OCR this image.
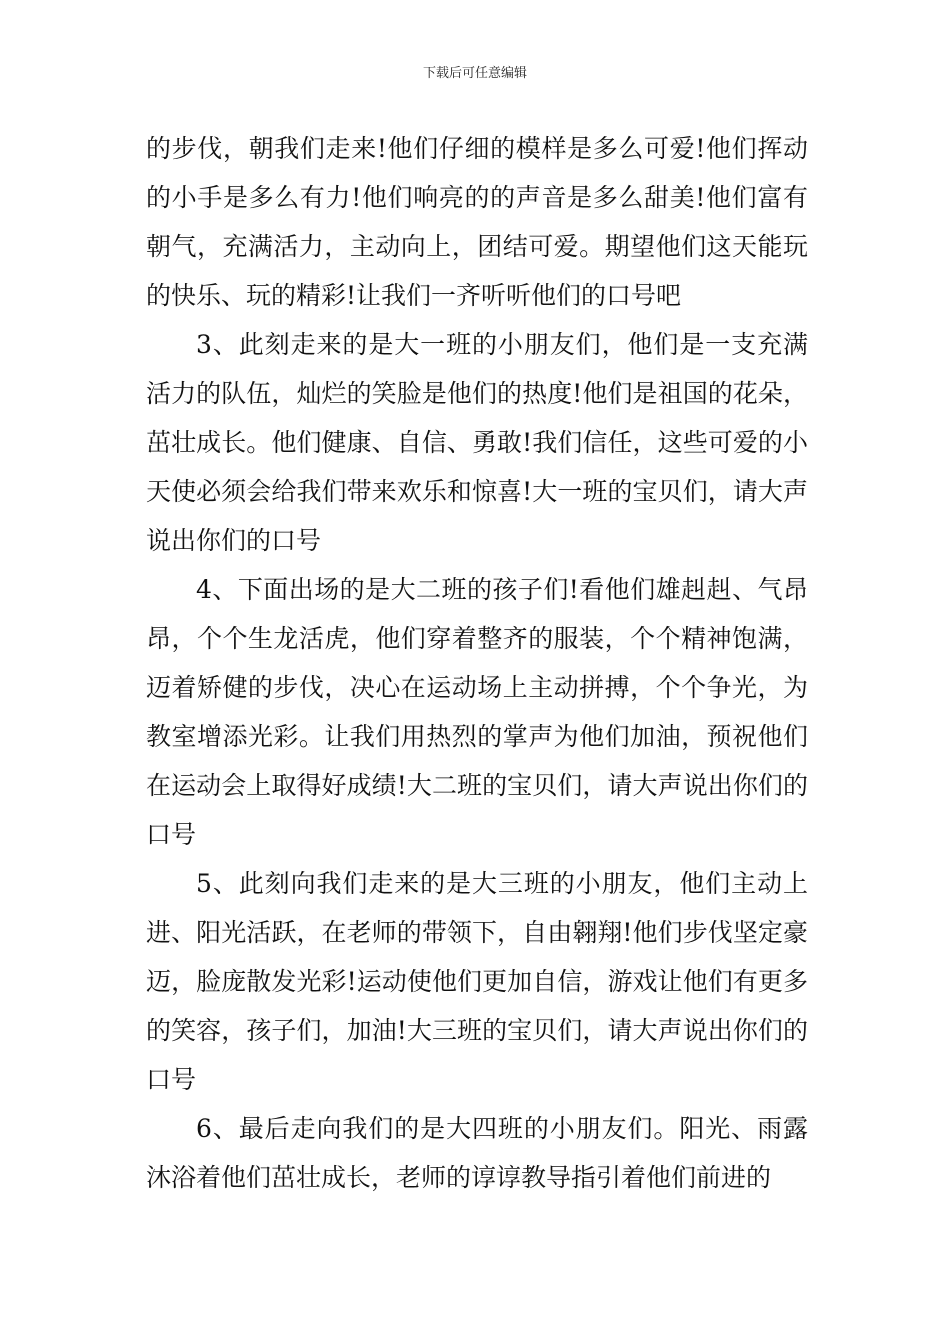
下载后可任意编辑

的步伐，朝我们走来!他们仔细的模样是多么可爱!他们挥动的小手是多么有力!他们响亮的的声音是多么甜美!他们富有朝气，充满活力，主动向上，团结可爱。期望他们这天能玩的快乐、玩的精彩!让我们一齐听听他们的口号吧

3、此刻走来的是大一班的小朋友们，他们是一支充满活力的队伍，灿烂的笑脸是他们的热度!他们是祖国的花朵，茁壮成长。他们健康、自信、勇敢!我们信任，这些可爱的小天使必须会给我们带来欢乐和惊喜!大一班的宝贝们，请大声说出你们的口号

4、下面出场的是大二班的孩子们!看他们雄赳赳、气昂昂，个个生龙活虎，他们穿着整齐的服装，个个精神饱满，迈着矫健的步伐，决心在运动场上主动拼搏，个个争光，为教室增添光彩。让我们用热烈的掌声为他们加油，预祝他们在运动会上取得好成绩!大二班的宝贝们，请大声说出你们的口号

5、此刻向我们走来的是大三班的小朋友，他们主动上进、阳光活跃，在老师的带领下，自由翱翔!他们步伐坚定豪迈，脸庞散发光彩!运动使他们更加自信，游戏让他们有更多的笑容，孩子们，加油!大三班的宝贝们，请大声说出你们的口号

6、最后走向我们的是大四班的小朋友们。阳光、雨露沐浴着他们茁壮成长，老师的谆谆教导指引着他们前进的
